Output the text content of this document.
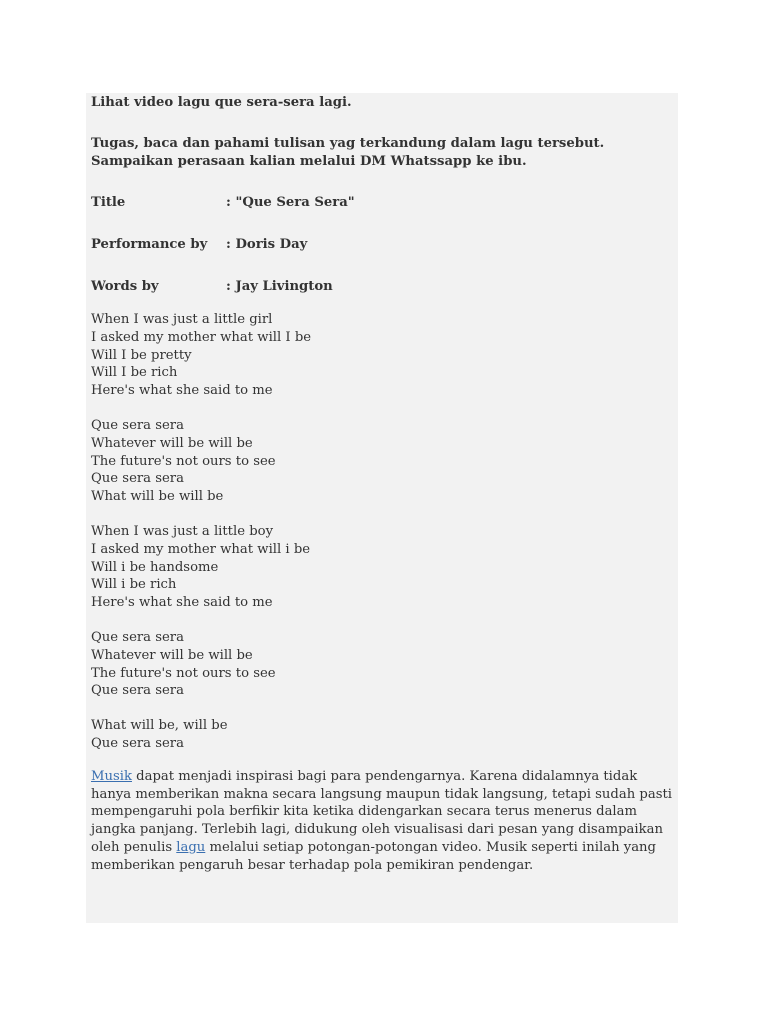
Lihat video lagu que sera-sera lagi.
Tugas, baca dan pahami tulisan yag terkandung dalam lagu tersebut. Sampaikan perasaan kalian melalui DM Whatssapp ke ibu.
Title	: "Que Sera Sera"
Performance by	: Doris Day
Words by	: Jay Livington
When I was just a little girl
I asked my mother what will I be
Will I be pretty
Will I be rich
Here's what she said to me
Que sera sera
Whatever will be will be
The future's not ours to see
Que sera sera
What will be will be
When I was just a little boy
I asked my mother what will i be
Will i be handsome
Will i be rich
Here's what she said to me
Que sera sera
Whatever will be will be
The future's not ours to see
Que sera sera
What will be, will be
Que sera sera
Musik dapat menjadi inspirasi bagi para pendengarnya. Karena didalamnya tidak hanya memberikan makna secara langsung maupun tidak langsung, tetapi sudah pasti mempengaruhi pola berfikir kita ketika didengarkan secara terus menerus dalam jangka panjang. Terlebih lagi, didukung oleh visualisasi dari pesan yang disampaikan oleh penulis lagu melalui setiap potongan-potongan video. Musik seperti inilah yang memberikan pengaruh besar terhadap pola pemikiran pendengar.
